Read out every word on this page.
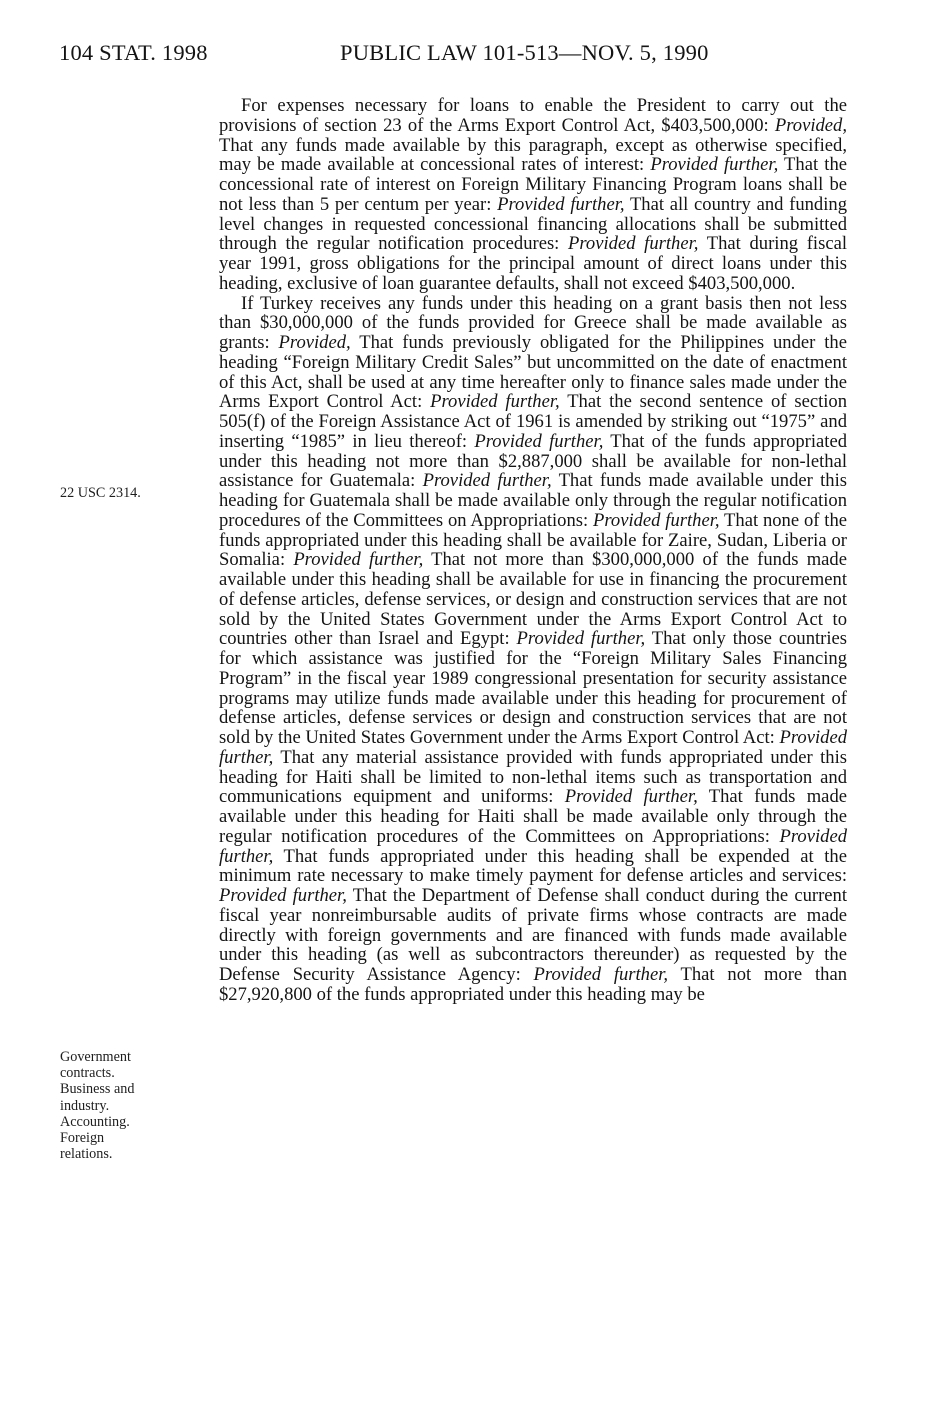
104 STAT. 1998	PUBLIC LAW 101-513—NOV. 5, 1990
22 USC 2314.
Government
contracts.
Business and
industry.
Accounting.
Foreign
relations.

For expenses necessary for loans to enable the President to carry out the provisions of section 23 of the Arms Export Control Act, $403,500,000: Provided, That any funds made available by this paragraph, except as otherwise specified, may be made available at concessional rates of interest: Provided further, That the concessional rate of interest on Foreign Military Financing Program loans shall be not less than 5 per centum per year: Provided further, That all country and funding level changes in requested concessional financing allocations shall be submitted through the regular notification procedures: Provided further, That during fiscal year 1991, gross obligations for the principal amount of direct loans under this heading, exclusive of loan guarantee defaults, shall not exceed $403,500,000.

If Turkey receives any funds under this heading on a grant basis then not less than $30,000,000 of the funds provided for Greece shall be made available as grants: Provided, That funds previously obligated for the Philippines under the heading “Foreign Military Credit Sales” but uncommitted on the date of enactment of this Act, shall be used at any time hereafter only to finance sales made under the Arms Export Control Act: Provided further, That the second sentence of section 505(f) of the Foreign Assistance Act of 1961 is amended by striking out “1975” and inserting “1985” in lieu thereof: Provided further, That of the funds appropriated under this heading not more than $2,887,000 shall be available for non-lethal assistance for Guatemala: Provided further, That funds made available under this heading for Guatemala shall be made available only through the regular notification procedures of the Committees on Appropriations: Provided further, That none of the funds appropriated under this heading shall be available for Zaire, Sudan, Liberia or Somalia: Provided further, That not more than $300,000,000 of the funds made available under this heading shall be available for use in financing the procurement of defense articles, defense services, or design and construction services that are not sold by the United States Government under the Arms Export Control Act to countries other than Israel and Egypt: Provided further, That only those countries for which assistance was justified for the “Foreign Military Sales Financing Program” in the fiscal year 1989 congressional presentation for security assistance programs may utilize funds made available under this heading for procurement of defense articles, defense services or design and construction services that are not sold by the United States Government under the Arms Export Control Act: Provided further, That any material assistance provided with funds appropriated under this heading for Haiti shall be limited to non-lethal items such as transportation and communications equipment and uniforms: Provided further, That funds made available under this heading for Haiti shall be made available only through the regular notification procedures of the Committees on Appropriations: Provided further, That funds appropriated under this heading shall be expended at the minimum rate necessary to make timely payment for defense articles and services: Provided further, That the Department of Defense shall conduct during the current fiscal year nonreimbursable audits of private firms whose contracts are made directly with foreign governments and are financed with funds made available under this heading (as well as subcontractors thereunder) as requested by the Defense Security Assistance Agency: Provided further, That not more than $27,920,800 of the funds appropriated under this heading may be
